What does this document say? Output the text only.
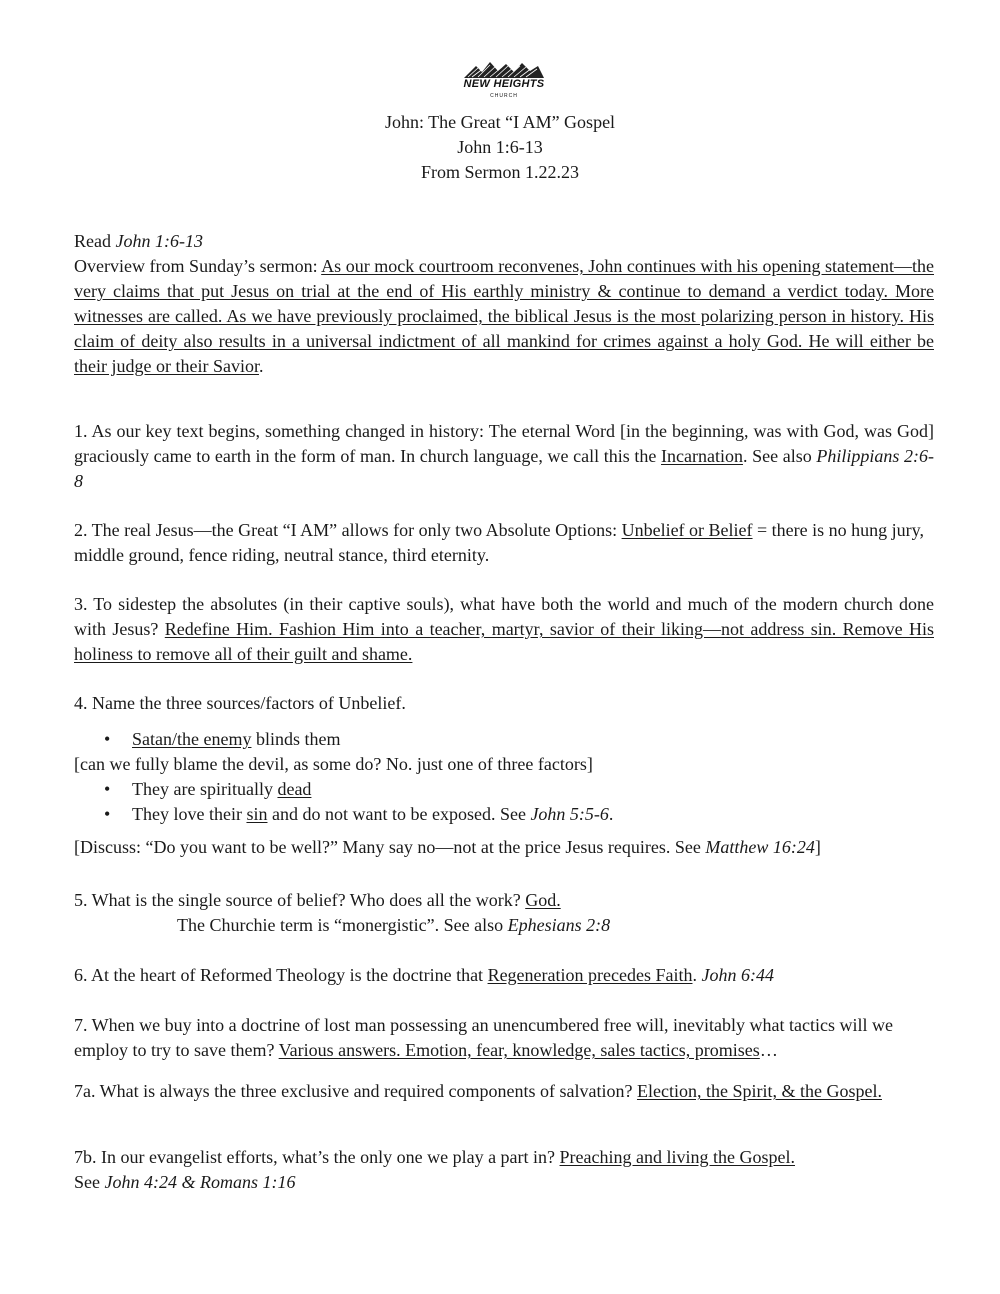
NEW HEIGHTS
CHURCH
John: The Great “I AM” Gospel
John 1:6-13
From Sermon 1.22.23
Read John 1:6-13
Overview from Sunday’s sermon: As our mock courtroom reconvenes, John continues with his opening statement—the very claims that put Jesus on trial at the end of His earthly ministry & continue to demand a verdict today. More witnesses are called. As we have previously proclaimed, the biblical Jesus is the most polarizing person in history. His claim of deity also results in a universal indictment of all mankind for crimes against a holy God. He will either be their judge or their Savior.
1. As our key text begins, something changed in history: The eternal Word [in the beginning, was with God, was God] graciously came to earth in the form of man. In church language, we call this the Incarnation. See also Philippians 2:6-8
2. The real Jesus—the Great “I AM” allows for only two Absolute Options: Unbelief or Belief = there is no hung jury, middle ground, fence riding, neutral stance, third eternity.
3. To sidestep the absolutes (in their captive souls), what have both the world and much of the modern church done with Jesus? Redefine Him. Fashion Him into a teacher, martyr, savior of their liking—not address sin. Remove His holiness to remove all of their guilt and shame.
4. Name the three sources/factors of Unbelief.
• Satan/the enemy blinds them
[can we fully blame the devil, as some do? No. just one of three factors]
• They are spiritually dead
• They love their sin and do not want to be exposed. See John 5:5-6.
[Discuss: “Do you want to be well?” Many say no—not at the price Jesus requires. See Matthew 16:24]
5. What is the single source of belief? Who does all the work? God.
The Churchie term is “monergistic”. See also Ephesians 2:8
6. At the heart of Reformed Theology is the doctrine that Regeneration precedes Faith. John 6:44
7. When we buy into a doctrine of lost man possessing an unencumbered free will, inevitably what tactics will we employ to try to save them? Various answers. Emotion, fear, knowledge, sales tactics, promises…
7a. What is always the three exclusive and required components of salvation? Election, the Spirit, & the Gospel.
7b. In our evangelist efforts, what’s the only one we play a part in? Preaching and living the Gospel.
See John 4:24 & Romans 1:16
